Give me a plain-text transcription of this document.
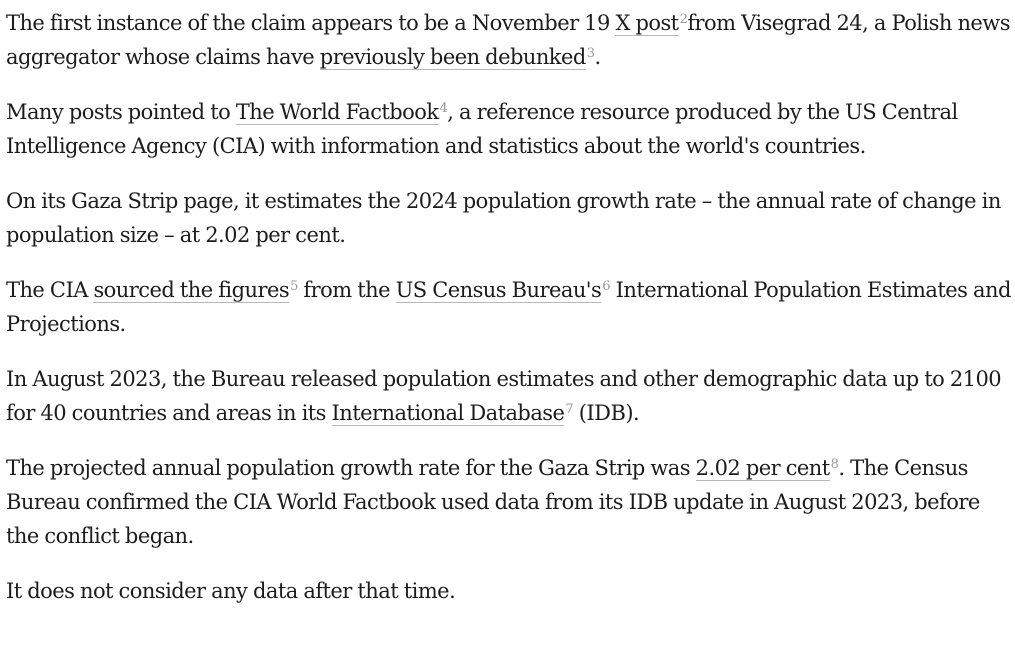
The first instance of the claim appears to be a November 19 X post$^2$from Visegrad 24, a Polish news aggregator whose claims have previously been debunked$^3$.

Many posts pointed to The World Factbook$^4$, a reference resource produced by the US Central Intelligence Agency (CIA) with information and statistics about the world's countries.

On its Gaza Strip page, it estimates the 2024 population growth rate – the annual rate of change in population size – at 2.02 per cent.

The CIA sourced the figures$^5$ from the US Census $Bureau's^6$ International Population Estimates and Projections.

In August 2023, the Bureau released population estimates and other demographic data up to 2100 for 40 countries and areas in its International Database$^7$ (IDB).

The projected annual population growth rate for the Gaza Strip was 2.02 per cent$^8$. The Census Bureau confirmed the CIA World Factbook used data from its IDB update in August 2023, before the conflict began.

It does not consider any data after that time.
